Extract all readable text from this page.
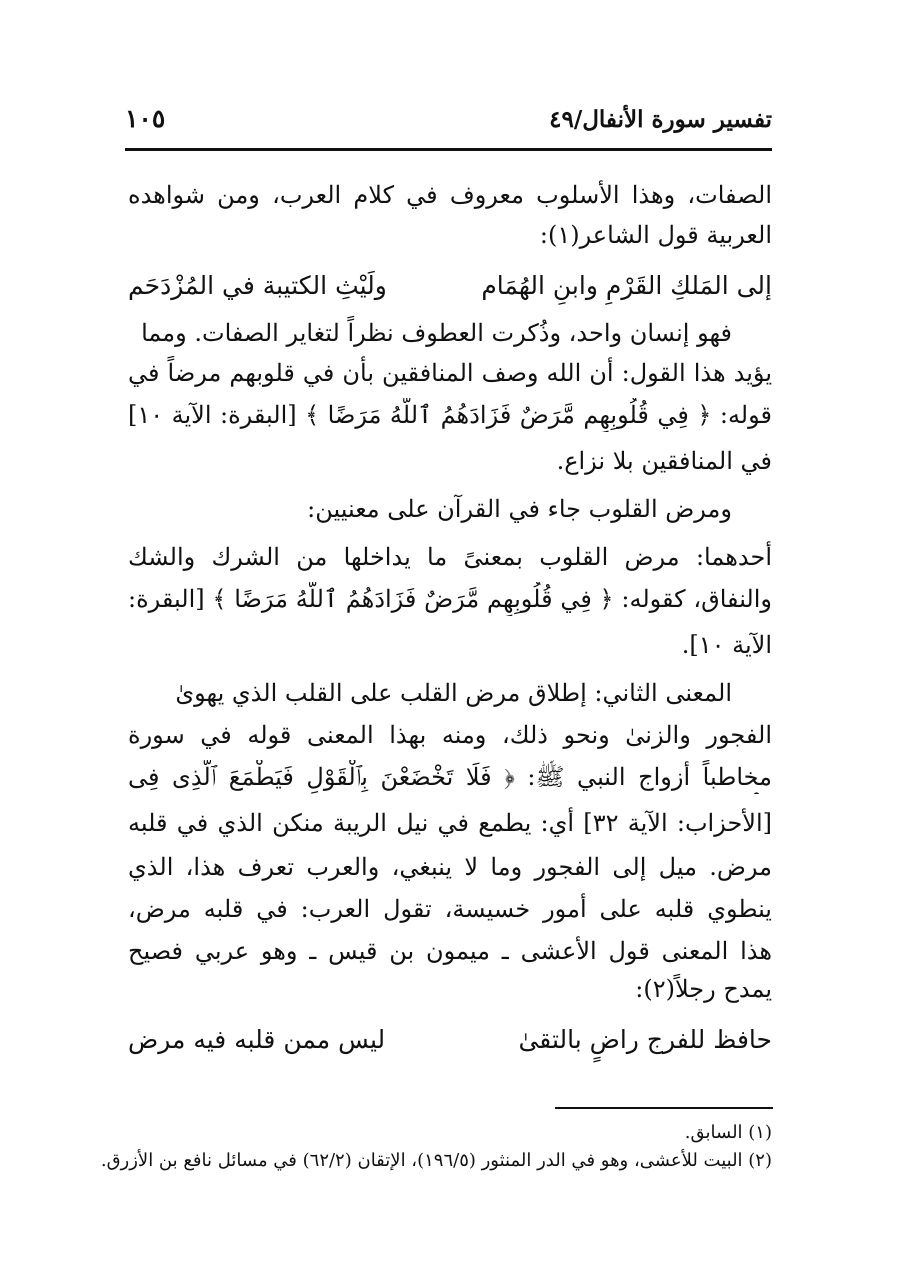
تفسير سورة الأنفال/٤٩
١٠٥
الصفات، وهذا الأسلوب معروف في كلام العرب، ومن شواهده
العربية قول الشاعر(١):
إلى المَلكِ القَرْمِ وابنِ الهُمَام
ولَيْثِ الكتيبة في المُزْدَحَم
فهو إنسان واحد، وذُكرت العطوف نظراً لتغاير الصفات. ومما
يؤيد هذا القول: أن الله وصف المنافقين بأن في قلوبهم مرضاً في
قوله: ﴿ فِي قُلُوبِهِم مَّرَضٌ فَزَادَهُمُ ٱللَّهُ مَرَضًا ﴾ [البقرة: الآية ١٠]
في المنافقين بلا نزاع.
ومرض القلوب جاء في القرآن على معنيين:
أحدهما: مرض القلوب بمعنىً ما يداخلها من الشرك والشك
والنفاق، كقوله: ﴿ فِي قُلُوبِهِم مَّرَضٌ فَزَادَهُمُ ٱللَّهُ مَرَضًا ﴾ [البقرة:
الآية ١٠].
المعنى الثاني: إطلاق مرض القلب على القلب الذي يهوىٰ
الفجور والزنىٰ ونحو ذلك، ومنه بهذا المعنى قوله في سورة
مخاطباً أزواج النبي ﷺ: ﴿ فَلَا تَخْضَعْنَ بِٱلْقَوْلِ فَيَطْمَعَ ٱلَّذِى فِى
[الأحزاب: الآية ٣٢] أي: يطمع في نيل الريبة منكن الذي في قلبه
مرض. ميل إلى الفجور وما لا ينبغي، والعرب تعرف هذا، الذي
ينطوي قلبه على أمور خسيسة، تقول العرب: في قلبه مرض،
هذا المعنى قول الأعشى ـ ميمون بن قيس ـ وهو عربي فصيح
يمدح رجلاً(٢):
حافظ للفرج راضٍ بالتقىٰ
ليس ممن قلبه فيه مرض
(١) السابق.
(٢) البيت للأعشى، وهو في الدر المنثور (١٩٦/٥)، الإتقان (٦٢/٢) في مسائل نافع بن الأزرق.
